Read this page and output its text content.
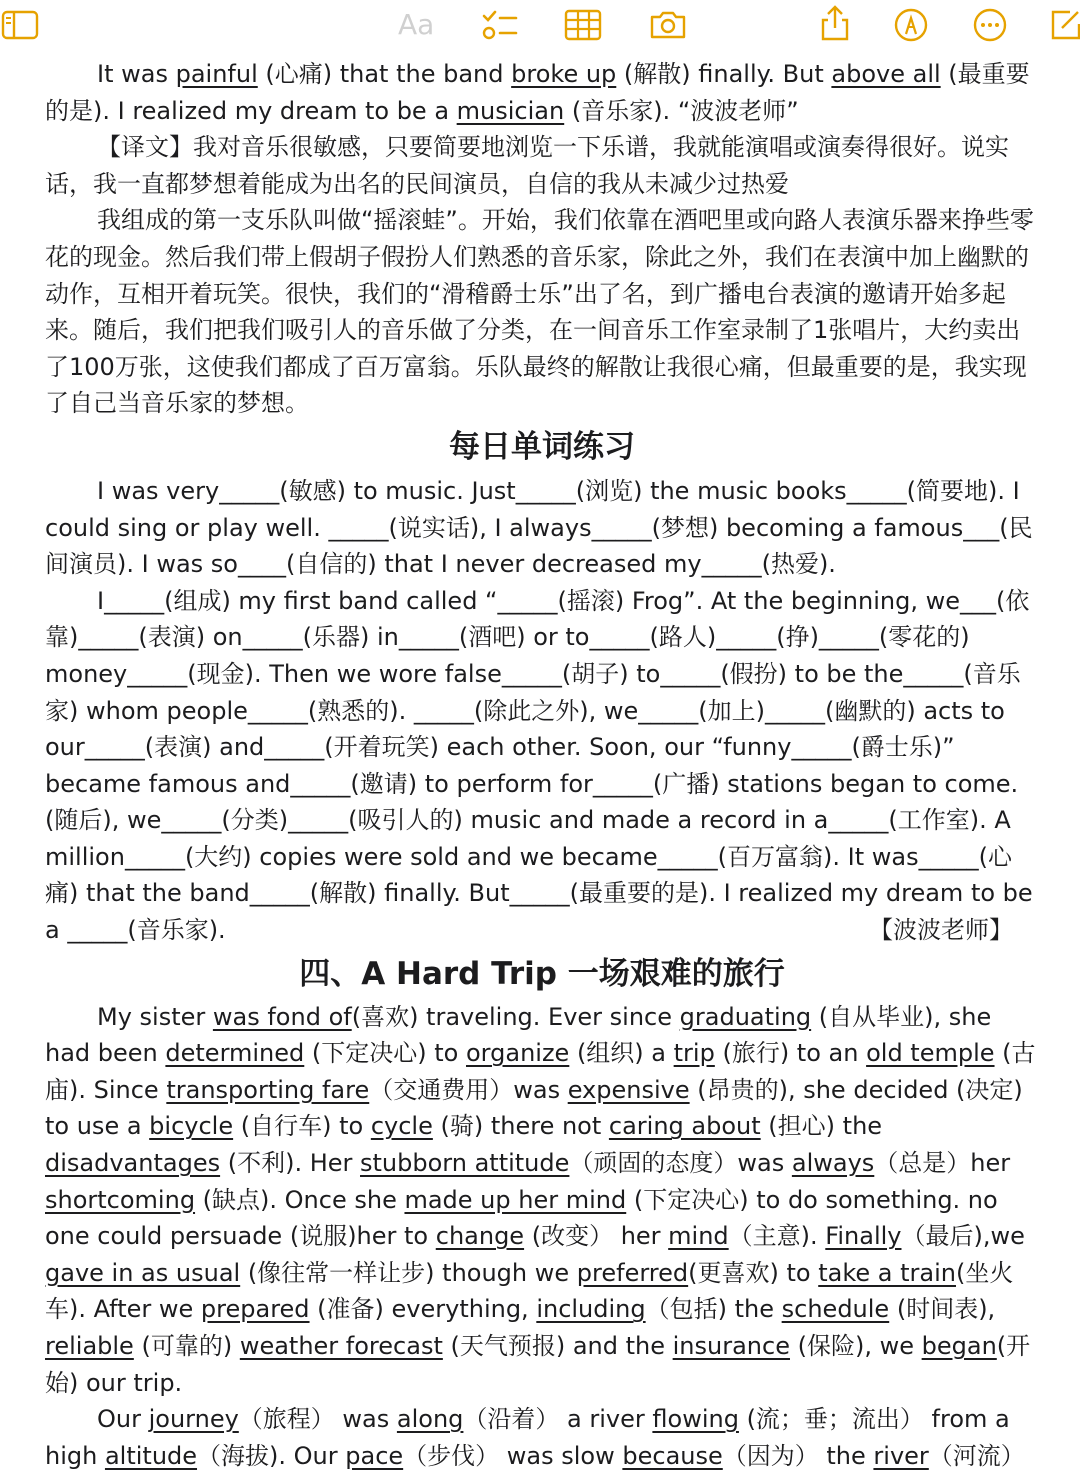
Aa

It was painful (心痛) that the band broke up (解散) finally. But above all (最重要的是). I realized my dream to be a musician (音乐家). “波波老师”

【译文】我对音乐很敏感，只要简要地浏览一下乐谱，我就能演唱或演奏得很好。说实话，我一直都梦想着能成为出名的民间演员，自信的我从未减少过热爱

我组成的第一支乐队叫做“摇滚蛙”。开始，我们依靠在酒吧里或向路人表演乐器来挣些零花的现金。然后我们带上假胡子假扮人们熟悉的音乐家，除此之外，我们在表演中加上幽默的动作，互相开着玩笑。很快，我们的“滑稽爵士乐”出了名，到广播电台表演的邀请开始多起来。随后，我们把我们吸引人的音乐做了分类，在一间音乐工作室录制了1张唱片，大约卖出了100万张，这使我们都成了百万富翁。乐队最终的解散让我很心痛，但最重要的是，我实现了自己当音乐家的梦想。

每日单词练习

I was very_____(敏感) to music. Just_____(浏览) the music books_____(简要地). I could sing or play well. _____(说实话), I always_____(梦想) becoming a famous___(民间演员). I was so____(自信的) that I never decreased my_____(热爱).

I_____(组成) my first band called “_____(摇滚) Frog”. At the beginning, we___(依靠)_____(表演) on_____(乐器) in_____(酒吧) or to_____(路人)_____(挣)_____(零花的) money_____(现金). Then we wore false_____(胡子) to_____(假扮) to be the_____(音乐家) whom people_____(熟悉的). _____(除此之外), we_____(加上)_____(幽默的) acts to our_____(表演) and_____(开着玩笑) each other. Soon, our “funny_____(爵士乐)” became famous and_____(邀请) to perform for_____(广播) stations began to come. (随后), we_____(分类)_____(吸引人的) music and made a record in a_____(工作室). A million_____(大约) copies were sold and we became_____(百万富翁). It was_____(心痛) that the band_____(解散) finally. But_____(最重要的是). I realized my dream to be

a _____(音乐家).	【波波老师】

四、A Hard Trip 一场艰难的旅行

My sister was fond of(喜欢) traveling. Ever since graduating (自从毕业), she had been determined (下定决心) to organize (组织) a trip (旅行) to an old temple (古庙). Since transporting fare（交通费用）was expensive (昂贵的), she decided (决定) to use a bicycle (自行车) to cycle (骑) there not caring about (担心) the disadvantages (不利). Her stubborn attitude（顽固的态度）was always（总是）her shortcoming (缺点). Once she made up her mind (下定决心) to do something. no one could persuade (说服)her to change (改变） her mind（主意). Finally（最后),we gave in as usual (像往常一样让步) though we preferred(更喜欢) to take a train(坐火车). After we prepared (准备) everything, including（包括) the schedule (时间表), reliable (可靠的) weather forecast (天气预报) and the insurance (保险), we began(开始) our trip.

Our journey（旅程） was along（沿着） a river flowing (流；垂；流出） from a high altitude（海拔). Our pace（步伐） was slow because（因为） the river（河流）
